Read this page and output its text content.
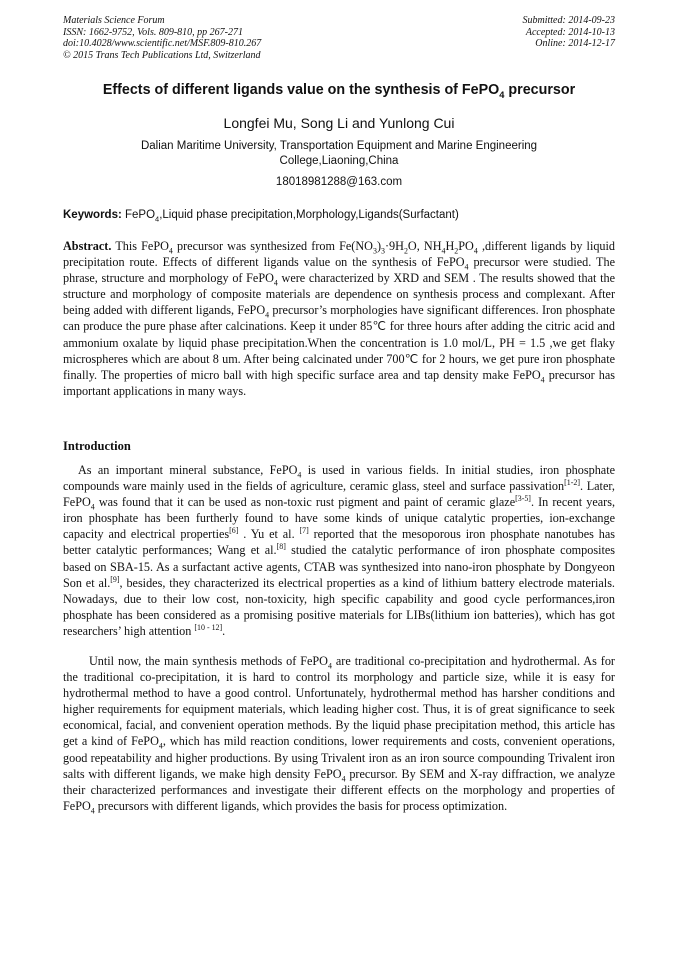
Materials Science Forum
ISSN: 1662-9752, Vols. 809-810, pp 267-271
doi:10.4028/www.scientific.net/MSF.809-810.267
© 2015 Trans Tech Publications Ltd, Switzerland
Submitted: 2014-09-23
Accepted: 2014-10-13
Online: 2014-12-17
Effects of different ligands value on the synthesis of FePO$_4$ precursor
Longfei Mu, Song Li and Yunlong Cui
Dalian Maritime University, Transportation Equipment and Marine Engineering
College,Liaoning,China
18018981288@163.com
Keywords: FePO$_4$,Liquid phase precipitation,Morphology,Ligands(Surfactant)
Abstract. This FePO$_4$ precursor was synthesized from $Fe(NO_3)_3\cdot 9H_2O$, $NH_4H_2PO_4$ ,different ligands by liquid precipitation route. Effects of different ligands value on the synthesis of FePO$_4$ precursor were studied. The phrase, structure and morphology of FePO$_4$ were characterized by XRD and SEM . The results showed that the structure and morphology of composite materials are dependence on synthesis process and complexant. After being added with different ligands, FePO$_4$ precursor’s morphologies have significant differences. Iron phosphate can produce the pure phase after calcinations. Keep it under 85℃ for three hours after adding the citric acid and ammonium oxalate by liquid phase precipitation.When the concentration is 1.0 mol/L, PH = 1.5 ,we get flaky microspheres which are about 8 um. After being calcinated under 700℃ for 2 hours, we get pure iron phosphate finally. The properties of micro ball with high specific surface area and tap density make FePO$_4$ precursor has important applications in many ways.
Introduction
As an important mineral substance, FePO$_4$ is used in various fields. In initial studies, iron phosphate compounds ware mainly used in the fields of agriculture, ceramic glass, steel and surface passivation[1-2]. Later, FePO$_4$ was found that it can be used as non-toxic rust pigment and paint of ceramic glaze[3-5]. In recent years, iron phosphate has been furtherly found to have some kinds of unique catalytic properties, ion-exchange capacity and electrical properties[6] . Yu et al. [7] reported that the mesoporous iron phosphate nanotubes has better catalytic performances; Wang et al.[8] studied the catalytic performance of iron phosphate composites based on SBA-15. As a surfactant active agents, CTAB was synthesized into nano-iron phosphate by Dongyeon Son et al.[9], besides, they characterized its electrical properties as a kind of lithium battery electrode materials. Nowadays, due to their low cost, non-toxicity, high specific capability and good cycle performances,iron phosphate has been considered as a promising positive materials for LIBs(lithium ion batteries), which has got researchers’ high attention [10 - 12].
Until now, the main synthesis methods of FePO$_4$ are traditional co-precipitation and hydrothermal. As for the traditional co-precipitation, it is hard to control its morphology and particle size, while it is easy for hydrothermal method to have a good control. Unfortunately, hydrothermal method has harsher conditions and higher requirements for equipment materials, which leading higher cost. Thus, it is of great significance to seek economical, facial, and convenient operation methods. By the liquid phase precipitation method, this article has get a kind of FePO$_4$, which has mild reaction conditions, lower requirements and costs, convenient operations, good repeatability and higher productions. By using Trivalent iron as an iron source compounding Trivalent iron salts with different ligands, we make high density FePO$_4$ precursor. By SEM and X-ray diffraction, we analyze their characterized performances and investigate their different effects on the morphology and properties of FePO$_4$ precursors with different ligands, which provides the basis for process optimization.
